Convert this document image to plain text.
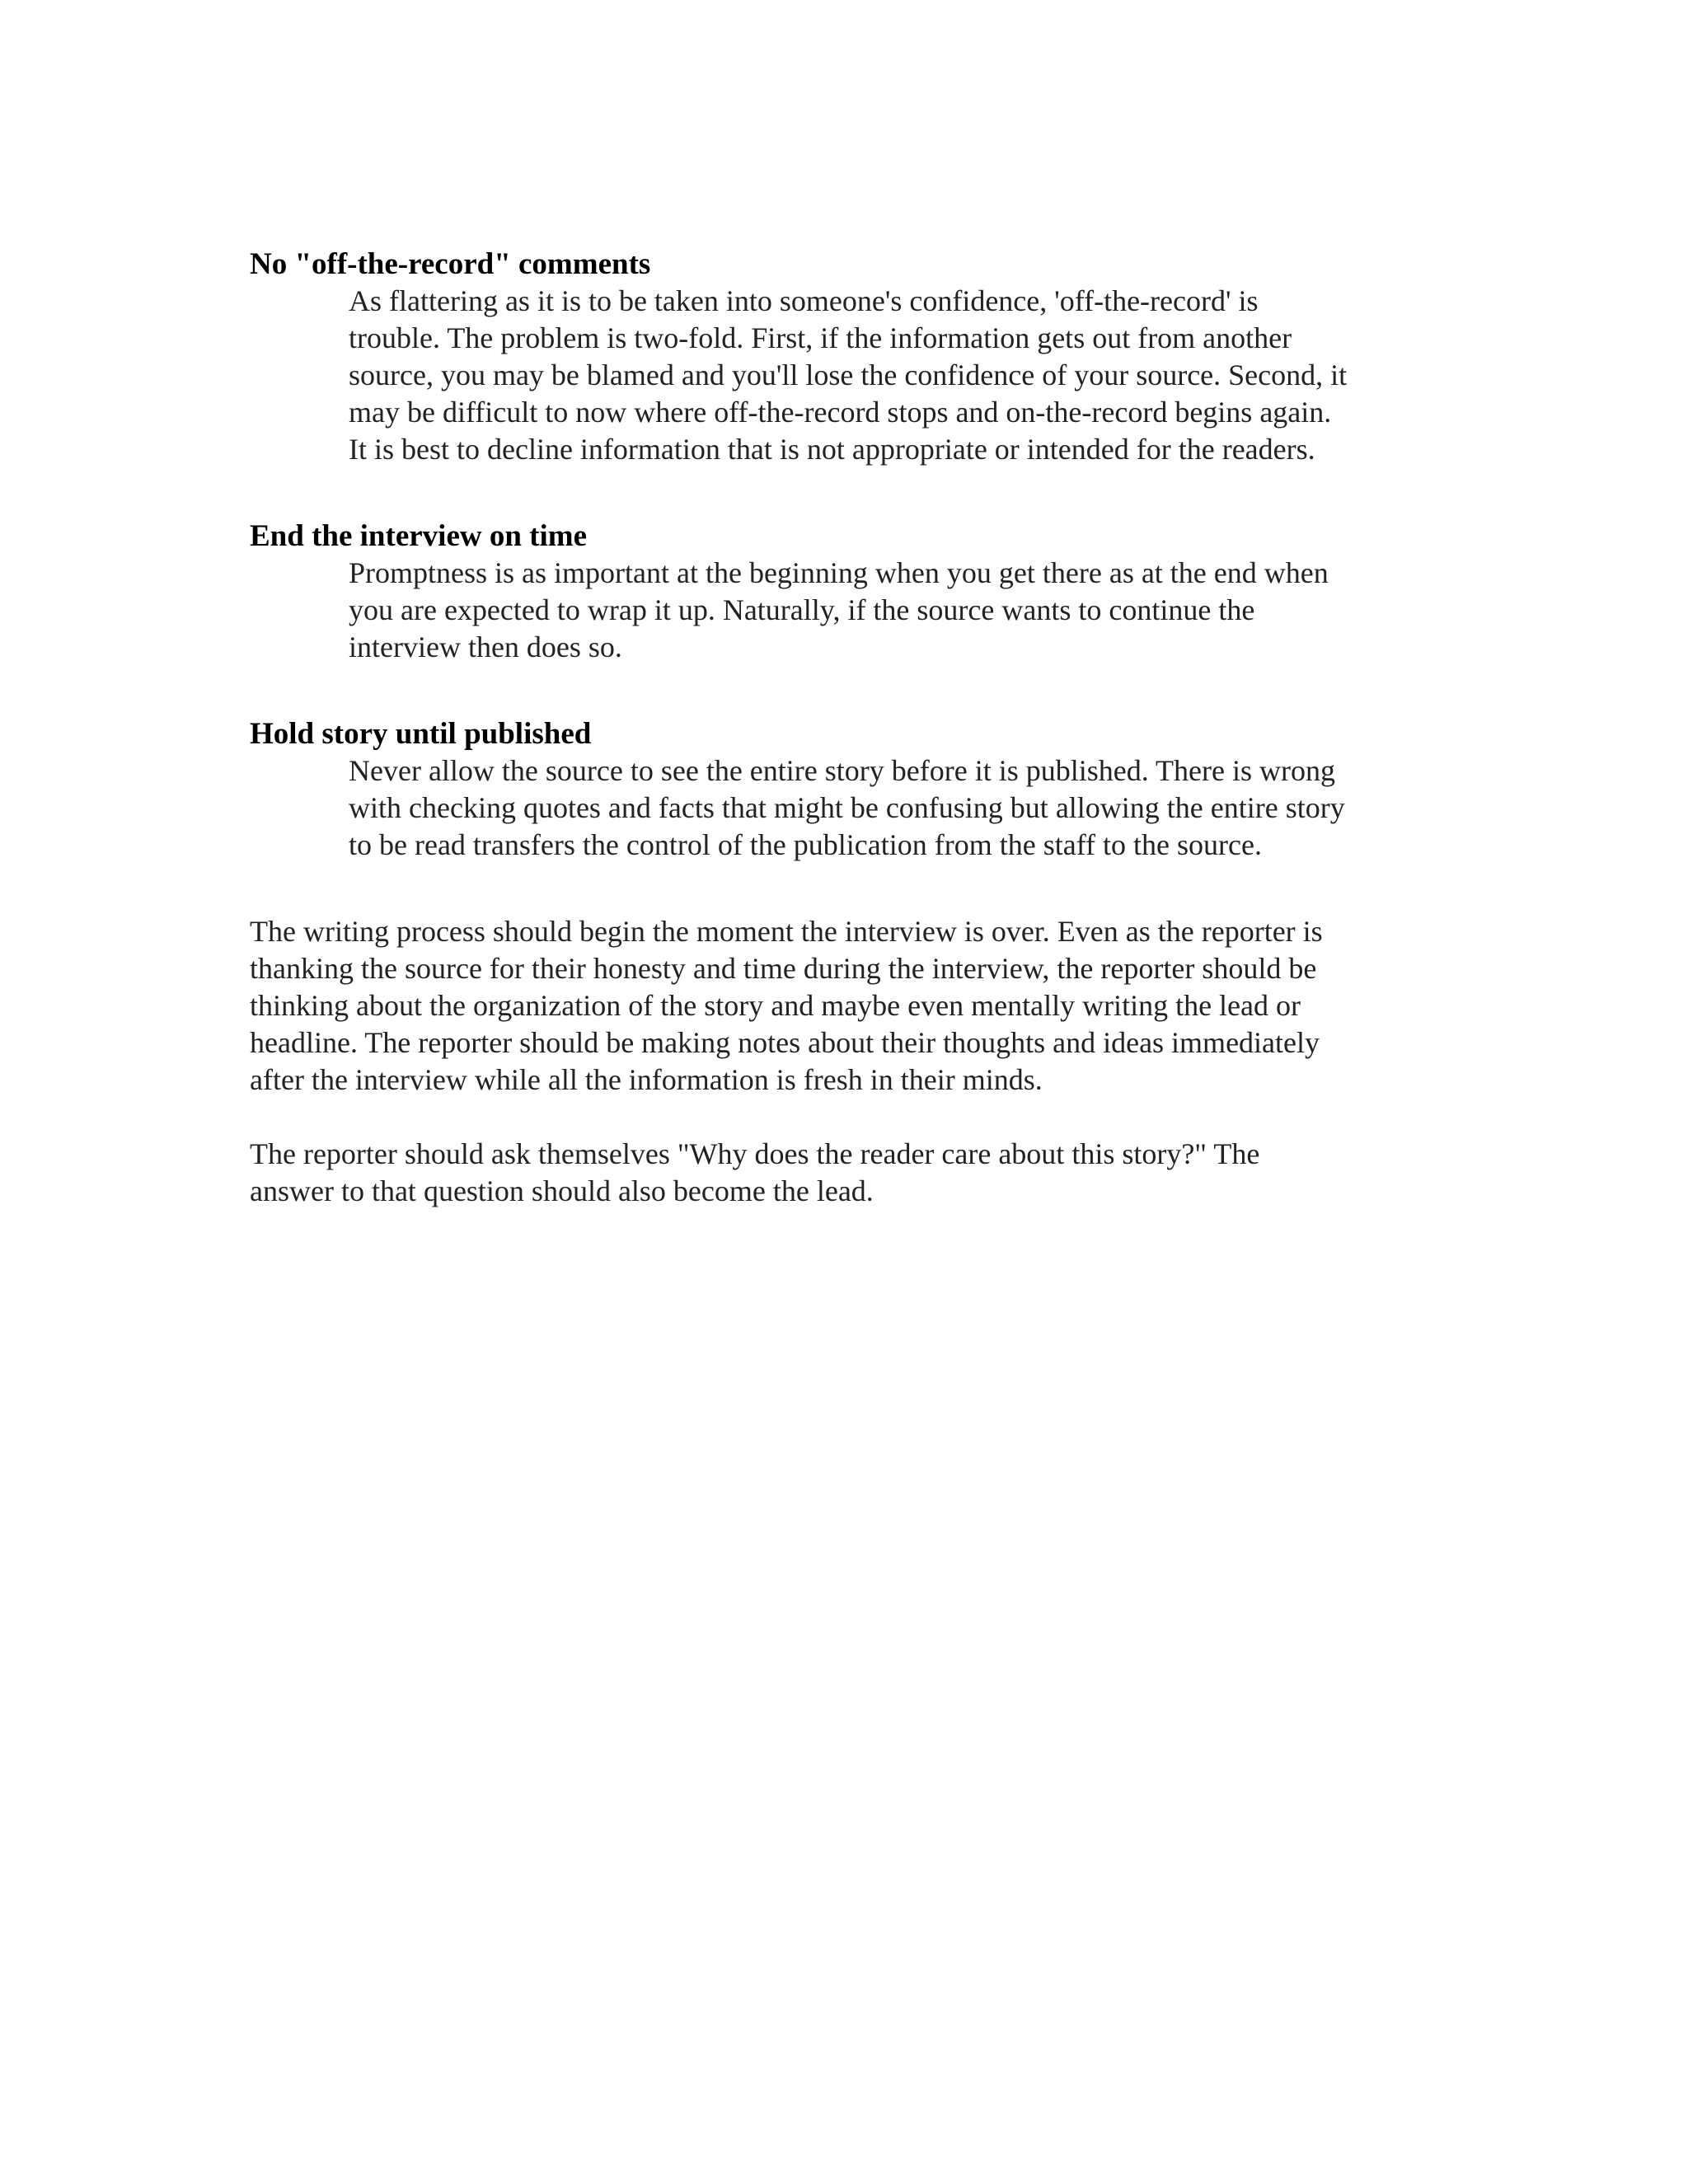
No "off-the-record" comments
As flattering as it is to be taken into someone's confidence, 'off-the-record' is
trouble. The problem is two-fold. First, if the information gets out from another
source, you may be blamed and you'll lose the confidence of your source. Second, it
may be difficult to now where off-the-record stops and on-the-record begins again.
It is best to decline information that is not appropriate or intended for the readers.
End the interview on time
Promptness is as important at the beginning when you get there as at the end when
you are expected to wrap it up. Naturally, if the source wants to continue the
interview then does so.
Hold story until published
Never allow the source to see the entire story before it is published. There is wrong
with checking quotes and facts that might be confusing but allowing the entire story
to be read transfers the control of the publication from the staff to the source.
The writing process should begin the moment the interview is over. Even as the reporter is
thanking the source for their honesty and time during the interview, the reporter should be
thinking about the organization of the story and maybe even mentally writing the lead or
headline. The reporter should be making notes about their thoughts and ideas immediately
after the interview while all the information is fresh in their minds.
The reporter should ask themselves "Why does the reader care about this story?" The
answer to that question should also become the lead.
